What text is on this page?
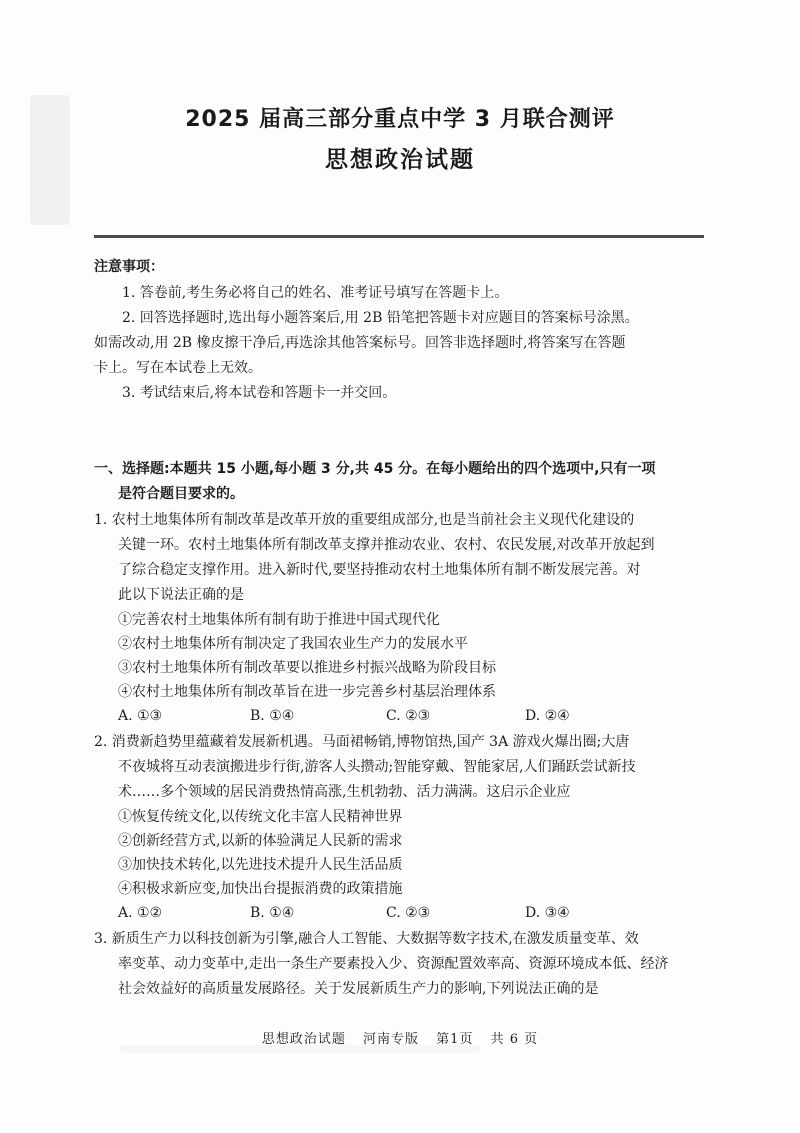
2025 届高三部分重点中学 3 月联合测评
思想政治试题

注意事项：

1. 答卷前,考生务必将自己的姓名、准考证号填写在答题卡上。

2. 回答选择题时,选出每小题答案后,用 2B 铅笔把答题卡对应题目的答案标号涂黑。

如需改动,用 2B 橡皮擦干净后,再选涂其他答案标号。回答非选择题时,将答案写在答题

卡上。写在本试卷上无效。

3. 考试结束后,将本试卷和答题卡一并交回。

一、选择题:本题共 15 小题,每小题 3 分,共 45 分。在每小题给出的四个选项中,只有一项

是符合题目要求的。

1. 农村土地集体所有制改革是改革开放的重要组成部分,也是当前社会主义现代化建设的

关键一环。农村土地集体所有制改革支撑并推动农业、农村、农民发展,对改革开放起到

了综合稳定支撑作用。进入新时代,要坚持推动农村土地集体所有制不断发展完善。对

此以下说法正确的是

①完善农村土地集体所有制有助于推进中国式现代化

②农村土地集体所有制决定了我国农业生产力的发展水平

③农村土地集体所有制改革要以推进乡村振兴战略为阶段目标

④农村土地集体所有制改革旨在进一步完善乡村基层治理体系

A. ①③	B. ①④	C. ②③	D. ②④

2. 消费新趋势里蕴藏着发展新机遇。马面裙畅销,博物馆热,国产 3A 游戏火爆出圈;大唐

不夜城将互动表演搬进步行街,游客人头攒动;智能穿戴、智能家居,人们踊跃尝试新技

术……多个领域的居民消费热情高涨,生机勃勃、活力满满。这启示企业应

①恢复传统文化,以传统文化丰富人民精神世界

②创新经营方式,以新的体验满足人民新的需求

③加快技术转化,以先进技术提升人民生活品质

④积极求新应变,加快出台提振消费的政策措施

A. ①②	B. ①④	C. ②③	D. ③④

3. 新质生产力以科技创新为引擎,融合人工智能、大数据等数字技术,在激发质量变革、效

率变革、动力变革中,走出一条生产要素投入少、资源配置效率高、资源环境成本低、经济

社会效益好的高质量发展路径。关于发展新质生产力的影响,下列说法正确的是

思想政治试题 河南专版 第1页 共 6 页
